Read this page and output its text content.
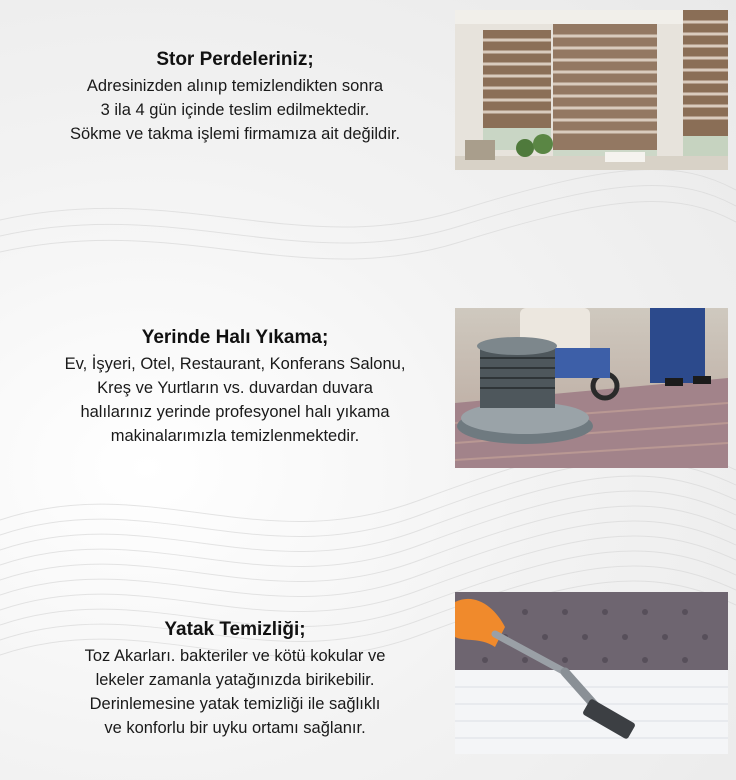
Stor Perdeleriniz;
Adresinizden alınıp temizlendikten sonra
3 ila 4 gün içinde teslim edilmektedir.
Sökme ve takma işlemi firmamıza ait değildir.
Yerinde Halı Yıkama;
Ev, İşyeri, Otel, Restaurant, Konferans Salonu,
Kreş ve Yurtların vs. duvardan duvara
halılarınız yerinde profesyonel halı yıkama
makinalarımızla temizlenmektedir.
Yatak Temizliği;
Toz Akarları. bakteriler ve kötü kokular ve
lekeler zamanla yatağınızda birikebilir.
Derinlemesine yatak temizliği ile sağlıklı
ve konforlu bir uyku ortamı sağlanır.
